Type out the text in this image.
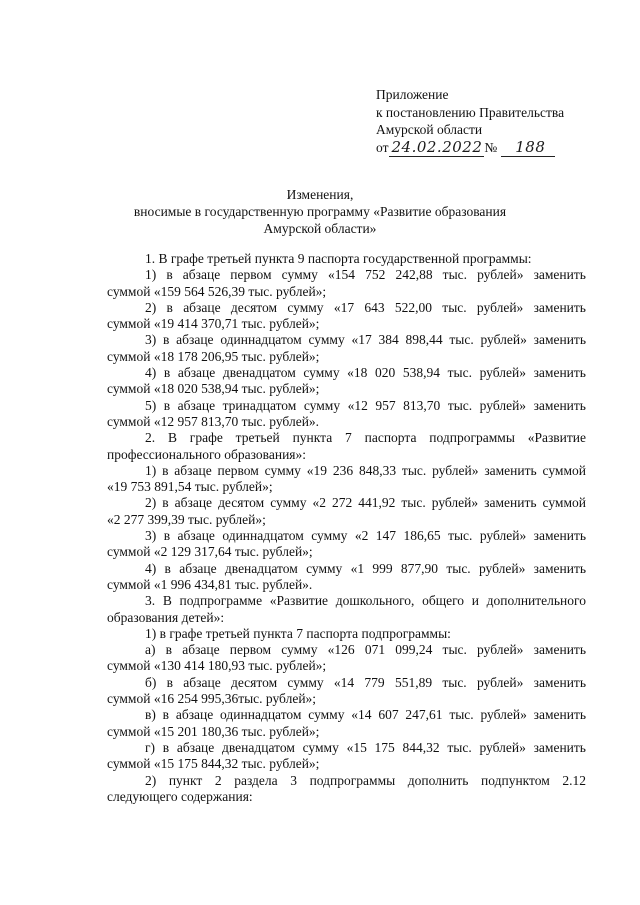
Приложение
к постановлению Правительства
Амурской области
от 24.02.2022 № 188
Изменения,
вносимые в государственную программу «Развитие образования
Амурской области»
1. В графе третьей пункта 9 паспорта государственной программы:
1) в абзаце первом сумму «154 752 242,88 тыс. рублей» заменить
суммой «159 564 526,39 тыс. рублей»;
2) в абзаце десятом сумму «17 643 522,00 тыс. рублей» заменить
суммой «19 414 370,71 тыс. рублей»;
3) в абзаце одиннадцатом сумму «17 384 898,44 тыс. рублей» заменить
суммой «18 178 206,95 тыс. рублей»;
4) в абзаце двенадцатом сумму «18 020 538,94 тыс. рублей» заменить
суммой «18 020 538,94 тыс. рублей»;
5) в абзаце тринадцатом сумму «12 957 813,70 тыс. рублей» заменить
суммой «12 957 813,70 тыс. рублей».
2. В графе третьей пункта 7 паспорта подпрограммы «Развитие
профессионального образования»:
1) в абзаце первом сумму «19 236 848,33 тыс. рублей» заменить суммой
«19 753 891,54 тыс. рублей»;
2) в абзаце десятом сумму «2 272 441,92 тыс. рублей» заменить суммой
«2 277 399,39 тыс. рублей»;
3) в абзаце одиннадцатом сумму «2 147 186,65 тыс. рублей» заменить
суммой «2 129 317,64 тыс. рублей»;
4) в абзаце двенадцатом сумму «1 999 877,90 тыс. рублей» заменить
суммой «1 996 434,81 тыс. рублей».
3. В подпрограмме «Развитие дошкольного, общего и дополнительного
образования детей»:
1) в графе третьей пункта 7 паспорта подпрограммы:
а) в абзаце первом сумму «126 071 099,24 тыс. рублей» заменить
суммой «130 414 180,93 тыс. рублей»;
б) в абзаце десятом сумму «14 779 551,89 тыс. рублей» заменить
суммой «16 254 995,36тыс. рублей»;
в) в абзаце одиннадцатом сумму «14 607 247,61 тыс. рублей» заменить
суммой «15 201 180,36 тыс. рублей»;
г) в абзаце двенадцатом сумму «15 175 844,32 тыс. рублей» заменить
суммой «15 175 844,32 тыс. рублей»;
2) пункт 2 раздела 3 подпрограммы дополнить подпунктом 2.12
следующего содержания:
